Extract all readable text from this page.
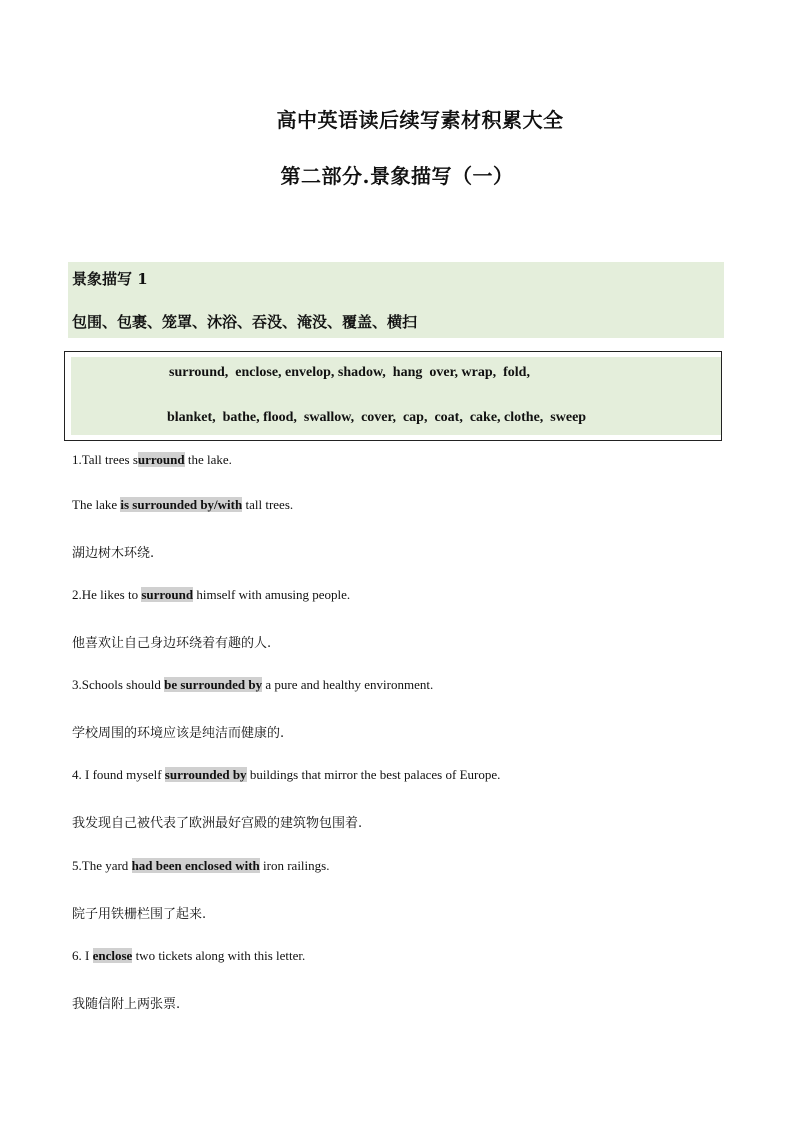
高中英语读后续写素材积累大全
第二部分.景象描写（一）
景象描写 1
包围、包裹、笼罩、沐浴、吞没、淹没、覆盖、横扫
surround,  enclose, envelop, shadow,  hang  over, wrap,  fold,
blanket,  bathe, flood,  swallow,  cover,  cap,  coat,  cake, clothe,  sweep
1.Tall trees surround the lake.
The lake is surrounded by/with tall trees.
湖边树木环绕.
2.He likes to surround himself with amusing people.
他喜欢让自己身边环绕着有趣的人.
3.Schools should be surrounded by a pure and healthy environment.
学校周围的环境应该是纯洁而健康的.
4. I found myself surrounded by buildings that mirror the best palaces of Europe.
我发现自己被代表了欧洲最好宫殿的建筑物包围着.
5.The yard had been enclosed with iron railings.
院子用铁栅栏围了起来.
6. I enclose two tickets along with this letter.
我随信附上两张票.
